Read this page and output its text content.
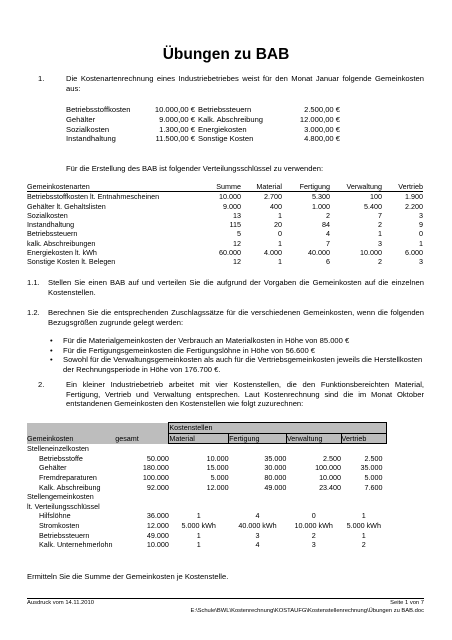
Übungen zu BAB
1.	Die Kostenartenrechnung eines Industriebetriebes weist für den Monat Januar folgende Gemeinkosten aus:
Betriebsstoffkosten	10.000,00 €	Betriebssteuern	2.500,00 €
Gehälter	9.000,00 €	Kalk. Abschreibung	12.000,00 €
Sozialkosten	1.300,00 €	Energiekosten	3.000,00 €
Instandhaltung	11.500,00 €	Sonstige Kosten	4.800,00 €
Für die Erstellung des BAB ist folgender Verteilungsschlüssel zu verwenden:
Gemeinkostenarten	Summe	Material	Fertigung	Verwaltung	Vertrieb
Betriebsstoffkosten lt. Entnahmescheinen	10.000	2.700	5.300	100	1.900
Gehälter lt. Gehaltslisten	9.000	400	1.000	5.400	2.200
Sozialkosten	13	1	2	7	3
Instandhaltung	115	20	84	2	9
Betriebssteuern	5	0	4	1	0
kalk. Abschreibungen	12	1	7	3	1
Energiekosten lt. kWh	60.000	4.000	40.000	10.000	6.000
Sonstige Kosten lt. Belegen	12	1	6	2	3
1.1. Stellen Sie einen BAB auf und verteilen Sie die aufgrund der Vorgaben die Gemeinkosten auf die einzelnen Kostenstellen.
1.2. Berechnen Sie die entsprechenden Zuschlagssätze für die verschiedenen Gemeinkosten, wenn die folgenden Bezugsgrößen zugrunde gelegt werden:
• Für die Materialgemeinkosten der Verbrauch an Materialkosten in Höhe von 85.000 €
• Für die Fertigungsgemeinkosten die Fertigungslöhne in Höhe von 56.600 €
• Sowohl für die Verwaltungsgemeinkosten als auch für die Vertriebsgemeinkosten jeweils die Herstellkosten der Rechnungsperiode in Höhe von 176.700 €.
2.	Ein kleiner Industriebetrieb arbeitet mit vier Kostenstellen, die den Funktionsbereichten Material, Fertigung, Vertrieb und Verwaltung entsprechen. Laut Kostenrechnung sind die im Monat Oktober entstandenen Gemeinkosten den Kostenstellen wie folgt zuzurechnen:
		Kostenstellen			
Gemeinkosten	gesamt	Material	Fertigung	Verwaltung	Vertrieb
Stelleneinzelkosten					
Betriebsstoffe	50.000	10.000	35.000	2.500	2.500
Gehälter	180.000	15.000	30.000	100.000	35.000
Fremdreparaturen	100.000	5.000	80.000	10.000	5.000
Kalk. Abschreibung	92.000	12.000	49.000	23.400	7.600
Stellengemeinkosten					
lt. Verteilungsschlüssel					
Hilfslöhne	36.000	1	4	0	1
Stromkosten	12.000	5.000 kWh	40.000 kWh	10.000 kWh	5.000 kWh
Betriebssteuern	49.000	1	3	2	1
Kalk. Unternehmerlohn	10.000	1	4	3	2
Ermitteln Sie die Summe der Gemeinkosten je Kostenstelle.
Ausdruck vom 14.11.2010	Seite 1 von 7
E:\Schule\BWL\Kostenrechnung\KOSTAUFG\Kostenstellenrechnung\Übungen zu BAB.doc
